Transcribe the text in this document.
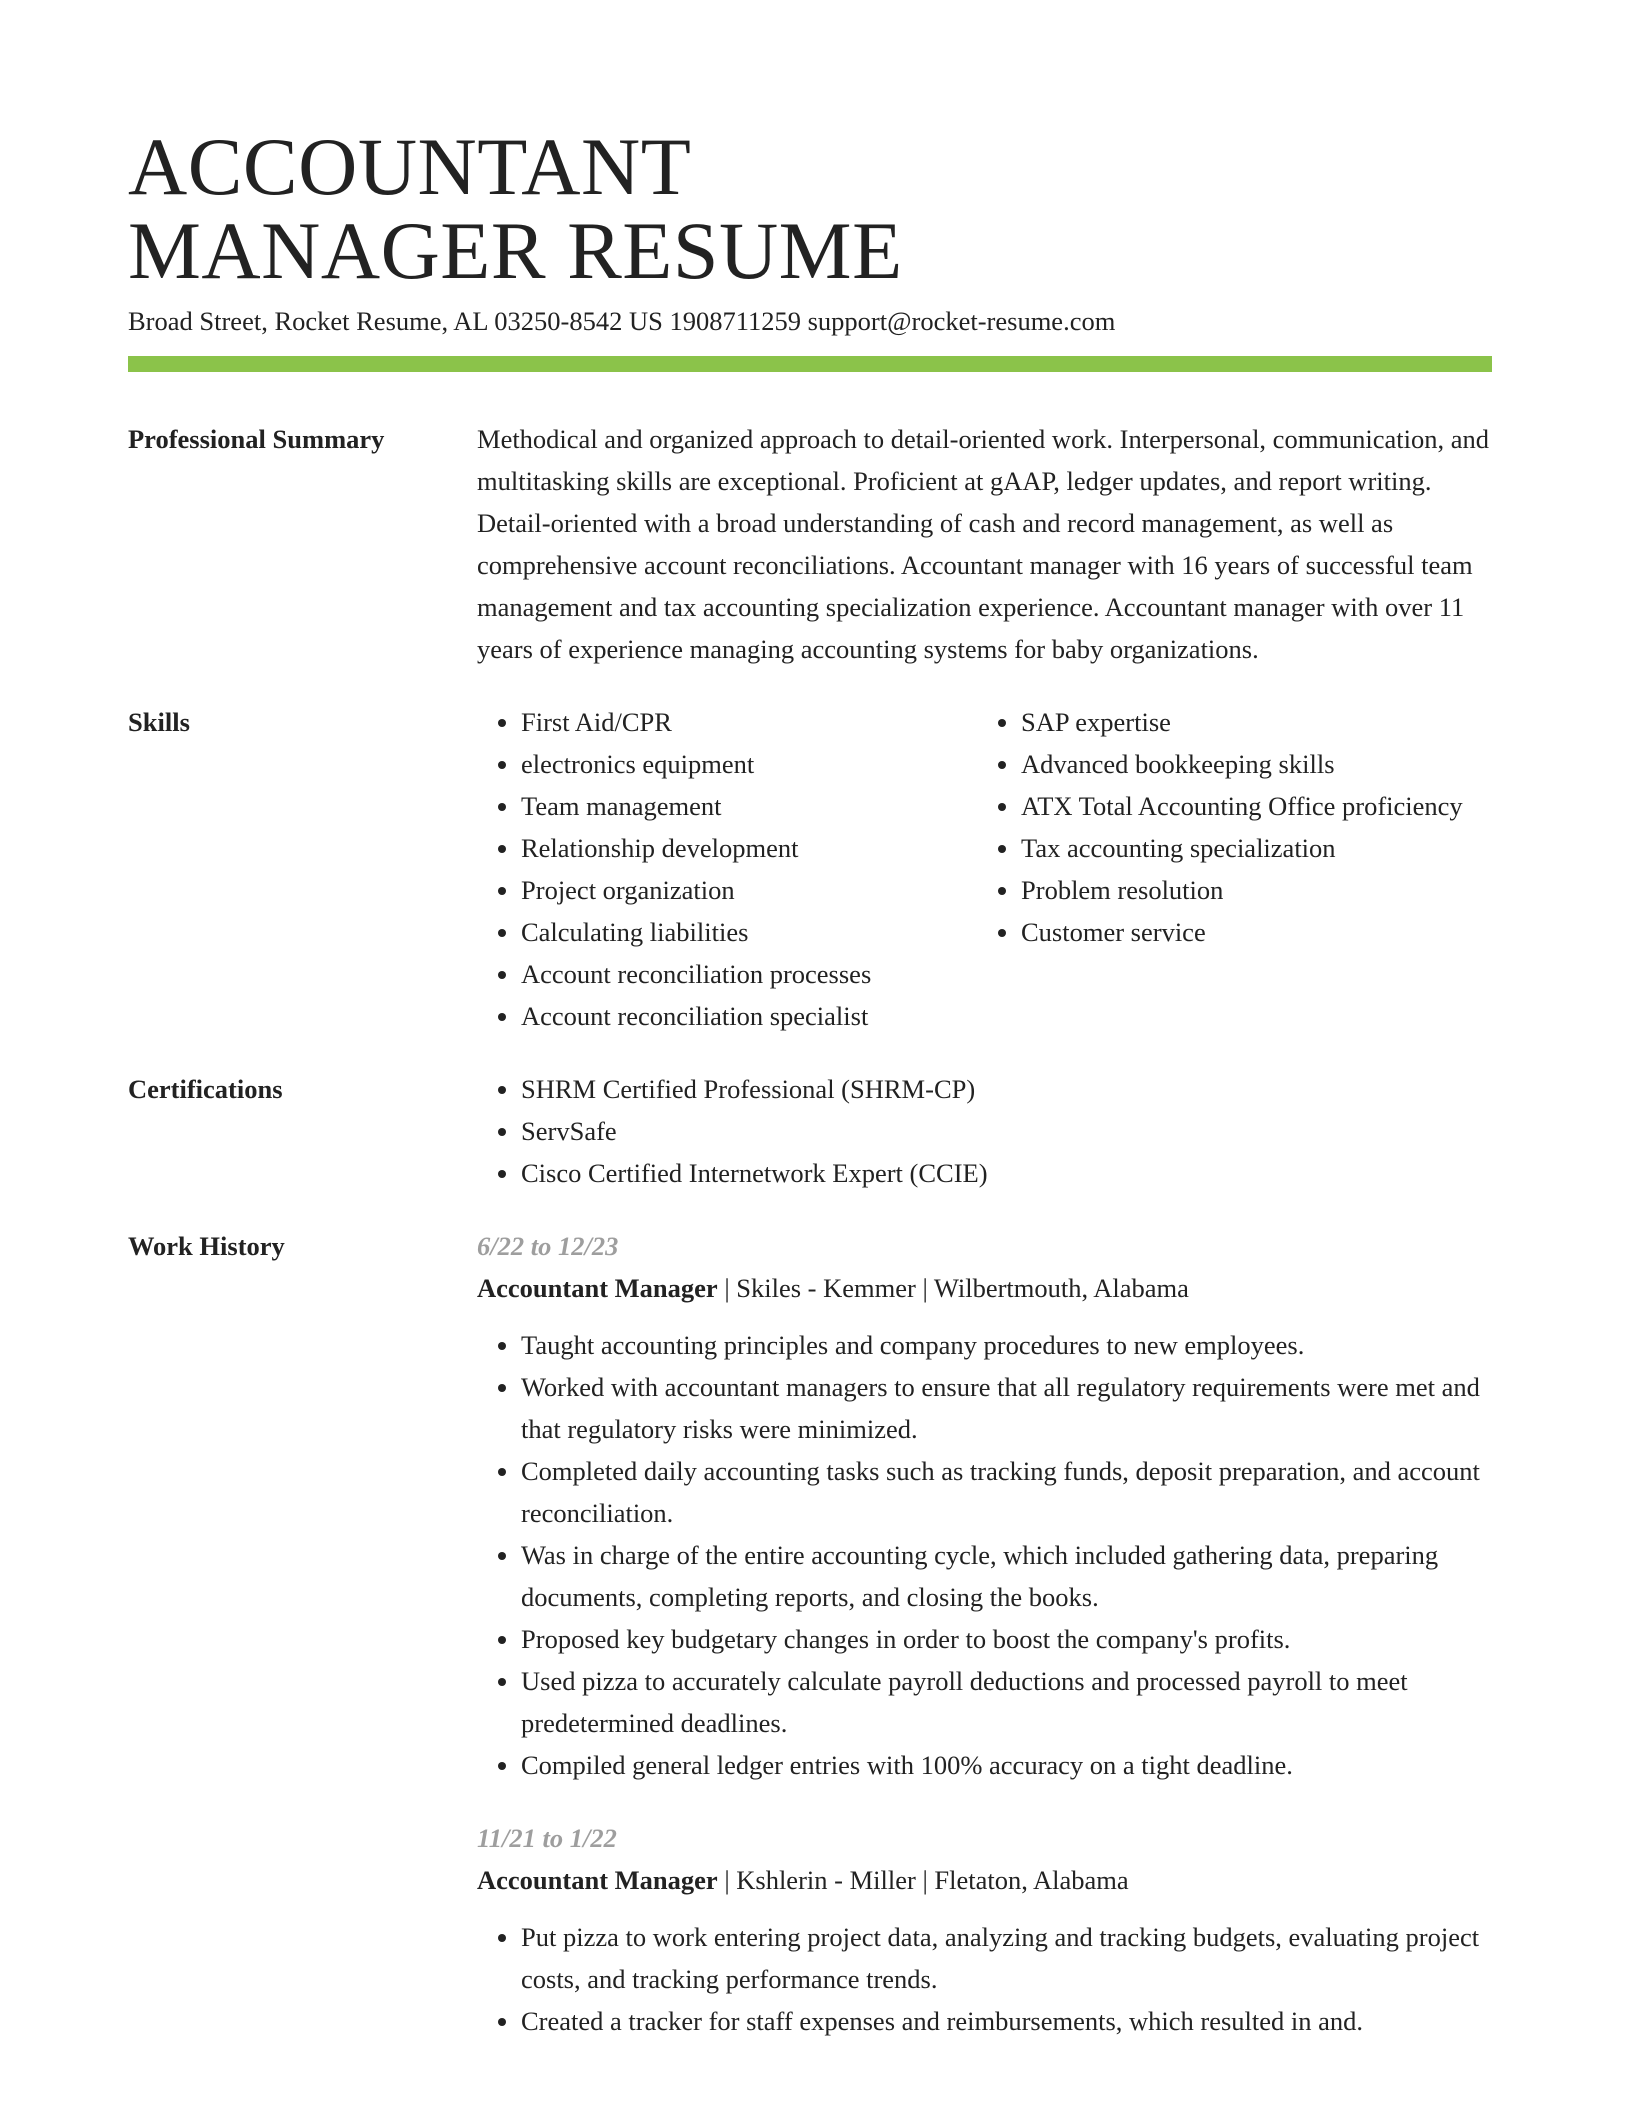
ACCOUNTANT
MANAGER RESUME
Broad Street, Rocket Resume, AL 03250-8542 US 1908711259 support@rocket-resume.com
Professional Summary	Methodical and organized approach to detail-oriented work. Interpersonal, communication, and multitasking skills are exceptional. Proficient at gAAP, ledger updates, and report writing. Detail-oriented with a broad understanding of cash and record management, as well as comprehensive account reconciliations. Accountant manager with 16 years of successful team management and tax accounting specialization experience. Accountant manager with over 11 years of experience managing accounting systems for baby organizations.

Skills	• First Aid/CPR
• electronics equipment
• Team management
• Relationship development
• Project organization
• Calculating liabilities
• Account reconciliation processes
• Account reconciliation specialist
• SAP expertise
• Advanced bookkeeping skills
• ATX Total Accounting Office proficiency
• Tax accounting specialization
• Problem resolution
• Customer service
Certifications	• SHRM Certified Professional (SHRM-CP)
• ServSafe
• Cisco Certified Internetwork Expert (CCIE)
Work History	6/22 to 12/23
Accountant Manager | Skiles - Kemmer | Wilbertmouth, Alabama
• Taught accounting principles and company procedures to new employees.
• Worked with accountant managers to ensure that all regulatory requirements were met and that regulatory risks were minimized.
• Completed daily accounting tasks such as tracking funds, deposit preparation, and account reconciliation.
• Was in charge of the entire accounting cycle, which included gathering data, preparing documents, completing reports, and closing the books.
• Proposed key budgetary changes in order to boost the company's profits.
• Used pizza to accurately calculate payroll deductions and processed payroll to meet predetermined deadlines.
• Compiled general ledger entries with 100% accuracy on a tight deadline.
11/21 to 1/22
Accountant Manager | Kshlerin - Miller | Fletaton, Alabama
• Put pizza to work entering project data, analyzing and tracking budgets, evaluating project costs, and tracking performance trends.
• Created a tracker for staff expenses and reimbursements, which resulted in and.
